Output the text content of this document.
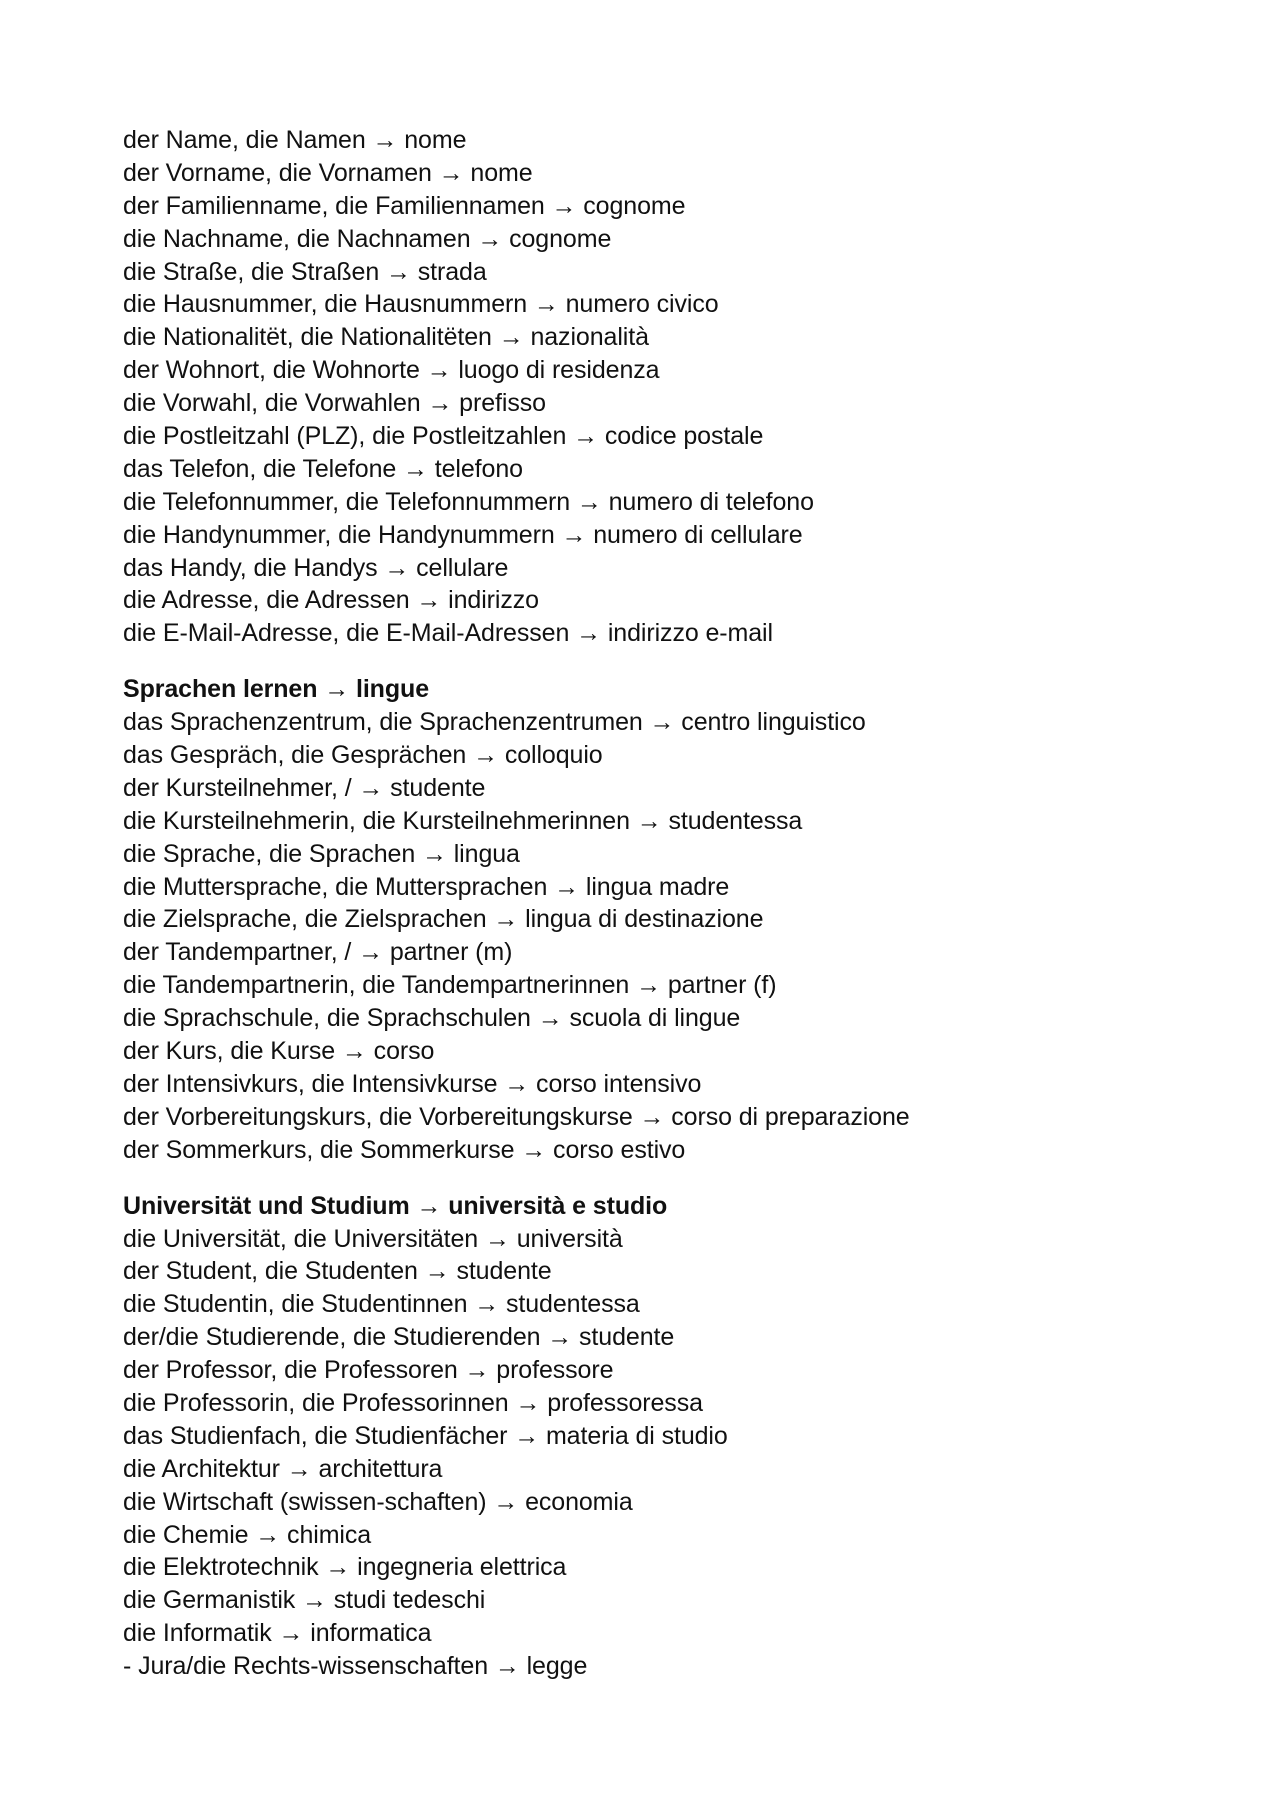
der Name, die Namen → nome
der Vorname, die Vornamen → nome
der Familienname, die Familiennamen → cognome
die Nachname, die Nachnamen → cognome
die Straße, die Straßen → strada
die Hausnummer, die Hausnummern → numero civico
die Nationalitët, die Nationalitëten → nazionalità
der Wohnort, die Wohnorte → luogo di residenza
die Vorwahl, die Vorwahlen → prefisso
die Postleitzahl (PLZ), die Postleitzahlen → codice postale
das Telefon, die Telefone → telefono
die Telefonnummer, die Telefonnummern → numero di telefono
die Handynummer, die Handynummern → numero di cellulare
das Handy, die Handys → cellulare
die Adresse, die Adressen → indirizzo
die E-Mail-Adresse, die E-Mail-Adressen → indirizzo e-mail
Sprachen lernen → lingue
das Sprachenzentrum, die Sprachenzentrumen → centro linguistico
das Gespräch, die Gesprächen → colloquio
der Kursteilnehmer, / → studente
die Kursteilnehmerin, die Kursteilnehmerinnen → studentessa
die Sprache, die Sprachen → lingua
die Muttersprache, die Muttersprachen → lingua madre
die Zielsprache, die Zielsprachen → lingua di destinazione
der Tandempartner, / → partner (m)
die Tandempartnerin, die Tandempartnerinnen → partner (f)
die Sprachschule, die Sprachschulen → scuola di lingue
der Kurs, die Kurse → corso
der Intensivkurs, die Intensivkurse → corso intensivo
der Vorbereitungskurs, die Vorbereitungskurse → corso di preparazione
der Sommerkurs, die Sommerkurse → corso estivo
Universität und Studium → università e studio
die Universität, die Universitäten → università
der Student, die Studenten → studente
die Studentin, die Studentinnen → studentessa
der/die Studierende, die Studierenden → studente
der Professor, die Professoren → professore
die Professorin, die Professorinnen → professoressa
das Studienfach, die Studienfächer → materia di studio
die Architektur → architettura
die Wirtschaft (swissen-schaften) → economia
die Chemie → chimica
die Elektrotechnik → ingegneria elettrica
die Germanistik → studi tedeschi
die Informatik → informatica
- Jura/die Rechts-wissenschaften → legge
